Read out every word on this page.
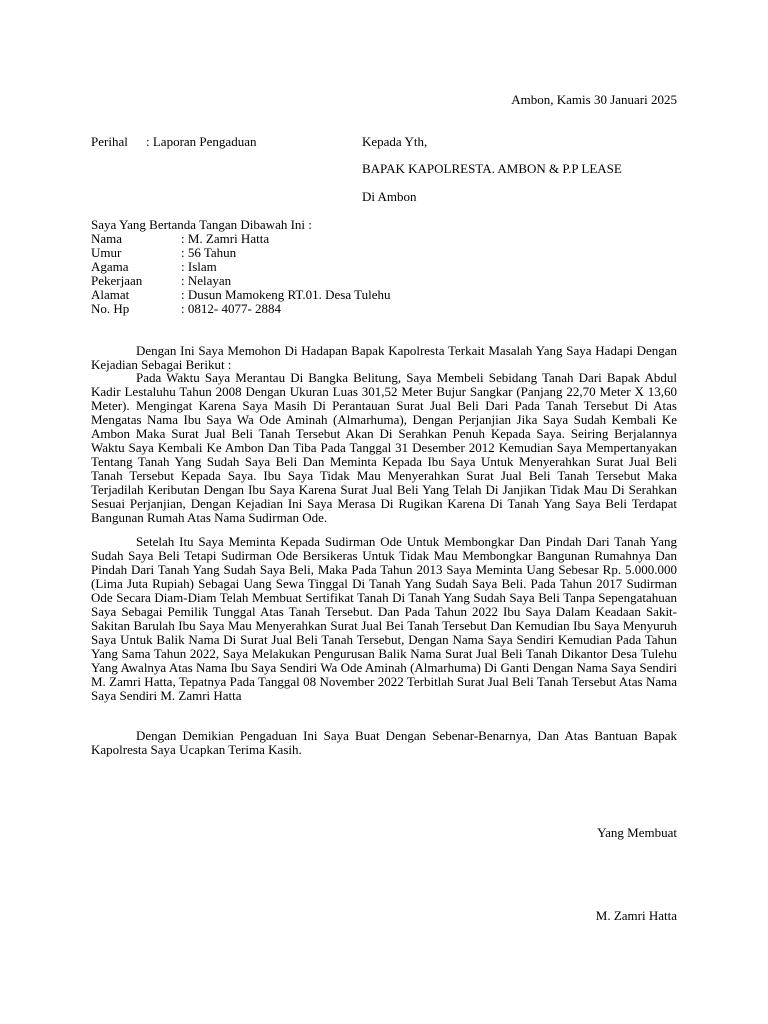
Ambon, Kamis 30 Januari 2025
Perihal : Laporan Pengaduan	Kepada Yth,
BAPAK KAPOLRESTA. AMBON & P.P LEASE
Di Ambon
Saya Yang Bertanda Tangan Dibawah Ini :
Nama	: M. Zamri Hatta
Umur	: 56 Tahun
Agama	: Islam
Pekerjaan	: Nelayan
Alamat	: Dusun Mamokeng RT.01. Desa Tulehu
No. Hp	: 0812- 4077- 2884
Dengan Ini Saya Memohon Di Hadapan Bapak Kapolresta Terkait Masalah Yang Saya Hadapi Dengan Kejadian Sebagai Berikut :
Pada Waktu Saya Merantau Di Bangka Belitung, Saya Membeli Sebidang Tanah Dari Bapak Abdul Kadir Lestaluhu Tahun 2008 Dengan Ukuran Luas 301,52 Meter Bujur Sangkar (Panjang 22,70 Meter X 13,60 Meter). Mengingat Karena Saya Masih Di Perantauan Surat Jual Beli Dari Pada Tanah Tersebut Di Atas Mengatas Nama Ibu Saya Wa Ode Aminah (Almarhuma), Dengan Perjanjian Jika Saya Sudah Kembali Ke Ambon Maka Surat Jual Beli Tanah Tersebut Akan Di Serahkan Penuh Kepada Saya. Seiring Berjalannya Waktu Saya Kembali Ke Ambon Dan Tiba Pada Tanggal 31 Desember 2012 Kemudian Saya Mempertanyakan Tentang Tanah Yang Sudah Saya Beli Dan Meminta Kepada Ibu Saya Untuk Menyerahkan Surat Jual Beli Tanah Tersebut Kepada Saya. Ibu Saya Tidak Mau Menyerahkan Surat Jual Beli Tanah Tersebut Maka Terjadilah Keributan Dengan Ibu Saya Karena Surat Jual Beli Yang Telah Di Janjikan Tidak Mau Di Serahkan Sesuai Perjanjian, Dengan Kejadian Ini Saya Merasa Di Rugikan Karena Di Tanah Yang Saya Beli Terdapat Bangunan Rumah Atas Nama Sudirman Ode.
Setelah Itu Saya Meminta Kepada Sudirman Ode Untuk Membongkar Dan Pindah Dari Tanah Yang Sudah Saya Beli Tetapi Sudirman Ode Bersikeras Untuk Tidak Mau Membongkar Bangunan Rumahnya Dan Pindah Dari Tanah Yang Sudah Saya Beli, Maka Pada Tahun 2013 Saya Meminta Uang Sebesar Rp. 5.000.000 (Lima Juta Rupiah) Sebagai Uang Sewa Tinggal Di Tanah Yang Sudah Saya Beli. Pada Tahun 2017 Sudirman Ode Secara Diam-Diam Telah Membuat Sertifikat Tanah Di Tanah Yang Sudah Saya Beli Tanpa Sepengatahuan Saya Sebagai Pemilik Tunggal Atas Tanah Tersebut. Dan Pada Tahun 2022 Ibu Saya Dalam Keadaan Sakit-Sakitan Barulah Ibu Saya Mau Menyerahkan Surat Jual Bei Tanah Tersebut Dan Kemudian Ibu Saya Menyuruh Saya Untuk Balik Nama Di Surat Jual Beli Tanah Tersebut, Dengan Nama Saya Sendiri Kemudian Pada Tahun Yang Sama Tahun 2022, Saya Melakukan Pengurusan Balik Nama Surat Jual Beli Tanah Dikantor Desa Tulehu Yang Awalnya Atas Nama Ibu Saya Sendiri Wa Ode Aminah (Almarhuma) Di Ganti Dengan Nama Saya Sendiri M. Zamri Hatta, Tepatnya Pada Tanggal 08 November 2022 Terbitlah Surat Jual Beli Tanah Tersebut Atas Nama Saya Sendiri M. Zamri Hatta
Dengan Demikian Pengaduan Ini Saya Buat Dengan Sebenar-Benarnya, Dan Atas Bantuan Bapak Kapolresta Saya Ucapkan Terima Kasih.
Yang Membuat
M. Zamri Hatta
